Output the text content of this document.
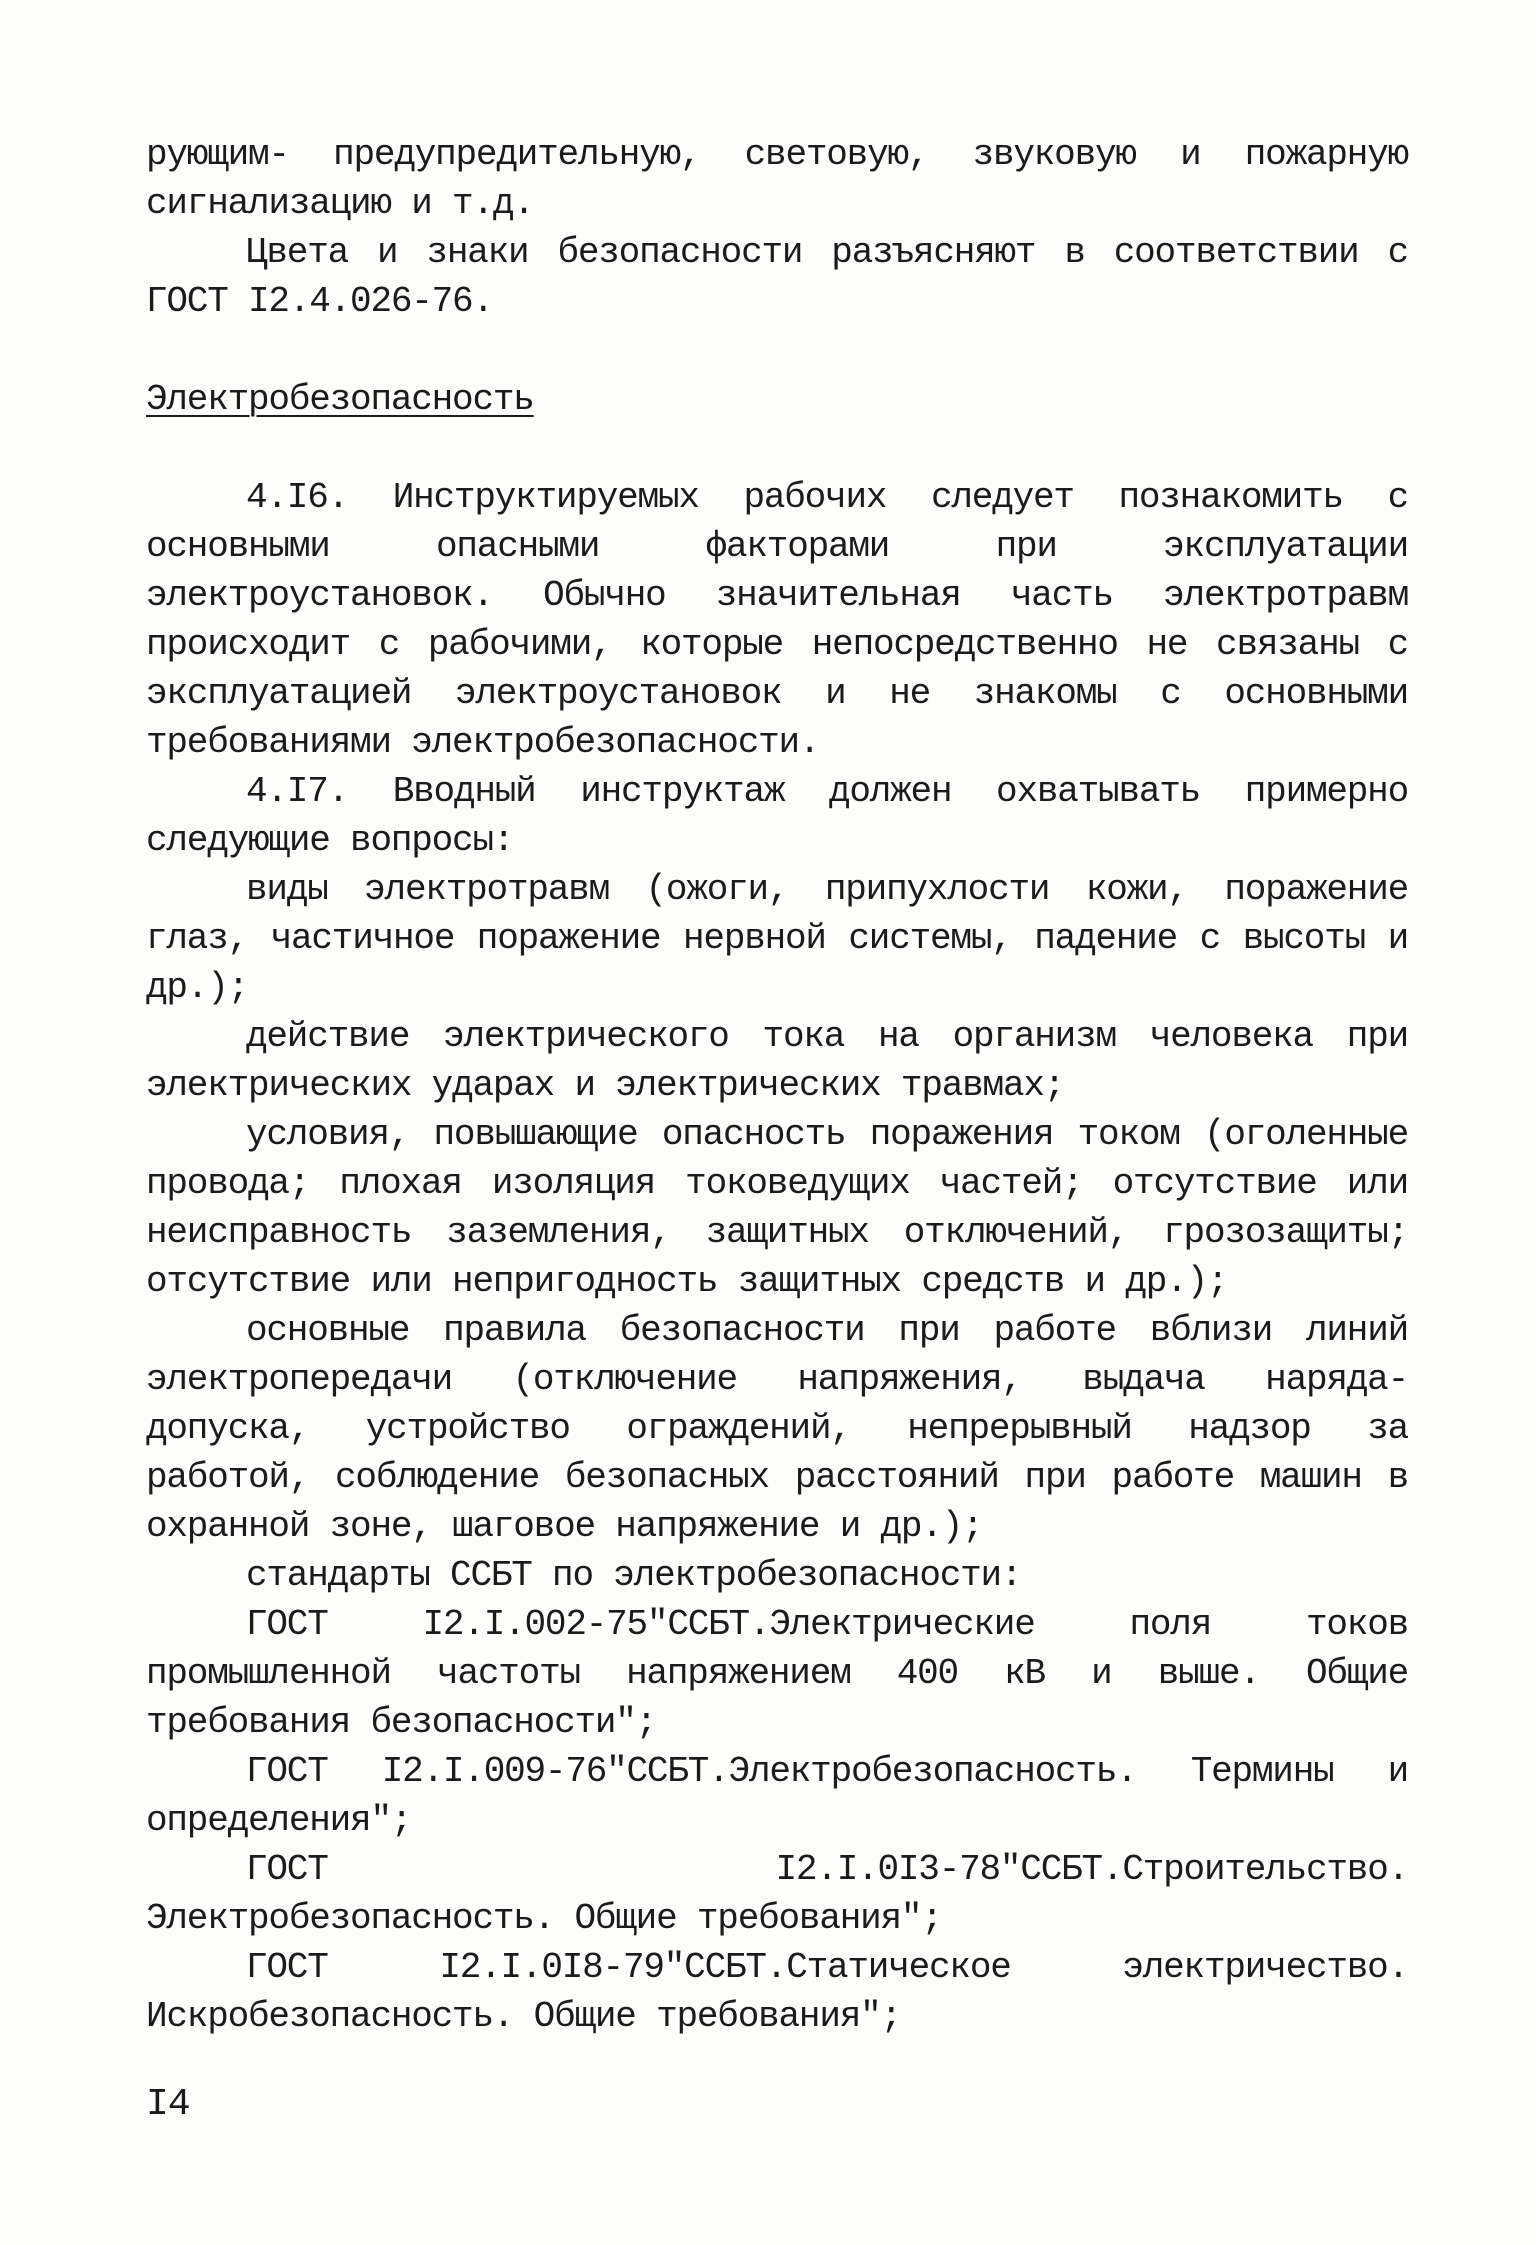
рующим- предупредительную, световую, звуковую и пожарную сигнализацию и т.д.

Цвета и знаки безопасности разъясняют в соответствии с ГОСТ I2.4.026-76.

Электробезопасность

4.I6. Инструктируемых рабочих следует познакомить с основными опасными факторами при эксплуатации электроустановок. Обычно значительная часть электротравм происходит с рабочими, которые непосредственно не связаны с эксплуатацией электроустановок и не знакомы с основными требованиями электробезопасности.

4.I7. Вводный инструктаж должен охватывать примерно следующие вопросы:

виды электротравм (ожоги, припухлости кожи, поражение глаз, частичное поражение нервной системы, падение с высоты и др.);

действие электрического тока на организм человека при электрических ударах и электрических травмах;

условия, повышающие опасность поражения током (оголенные провода; плохая изоляция токоведущих частей; отсутствие или неисправность заземления, защитных отключений, грозозащиты; отсутствие или непригодность защитных средств и др.);

основные правила безопасности при работе вблизи линий электропередачи (отключение напряжения, выдача наряда-допуска, устройство ограждений, непрерывный надзор за работой, соблюдение безопасных расстояний при работе машин в охранной зоне, шаговое напряжение и др.);

стандарты ССБТ по электробезопасности:

ГОСТ I2.I.002-75"ССБТ.Электрические поля токов промышленной частоты напряжением 400 кВ и выше. Общие требования безопасности";

ГОСТ I2.I.009-76"ССБТ.Электробезопасность. Термины и определения";

ГОСТ I2.I.0I3-78"ССБТ.Строительство. Электробезопасность. Общие требования";

ГОСТ I2.I.0I8-79"ССБТ.Статическое электричество. Искробезопасность. Общие требования";

I4
